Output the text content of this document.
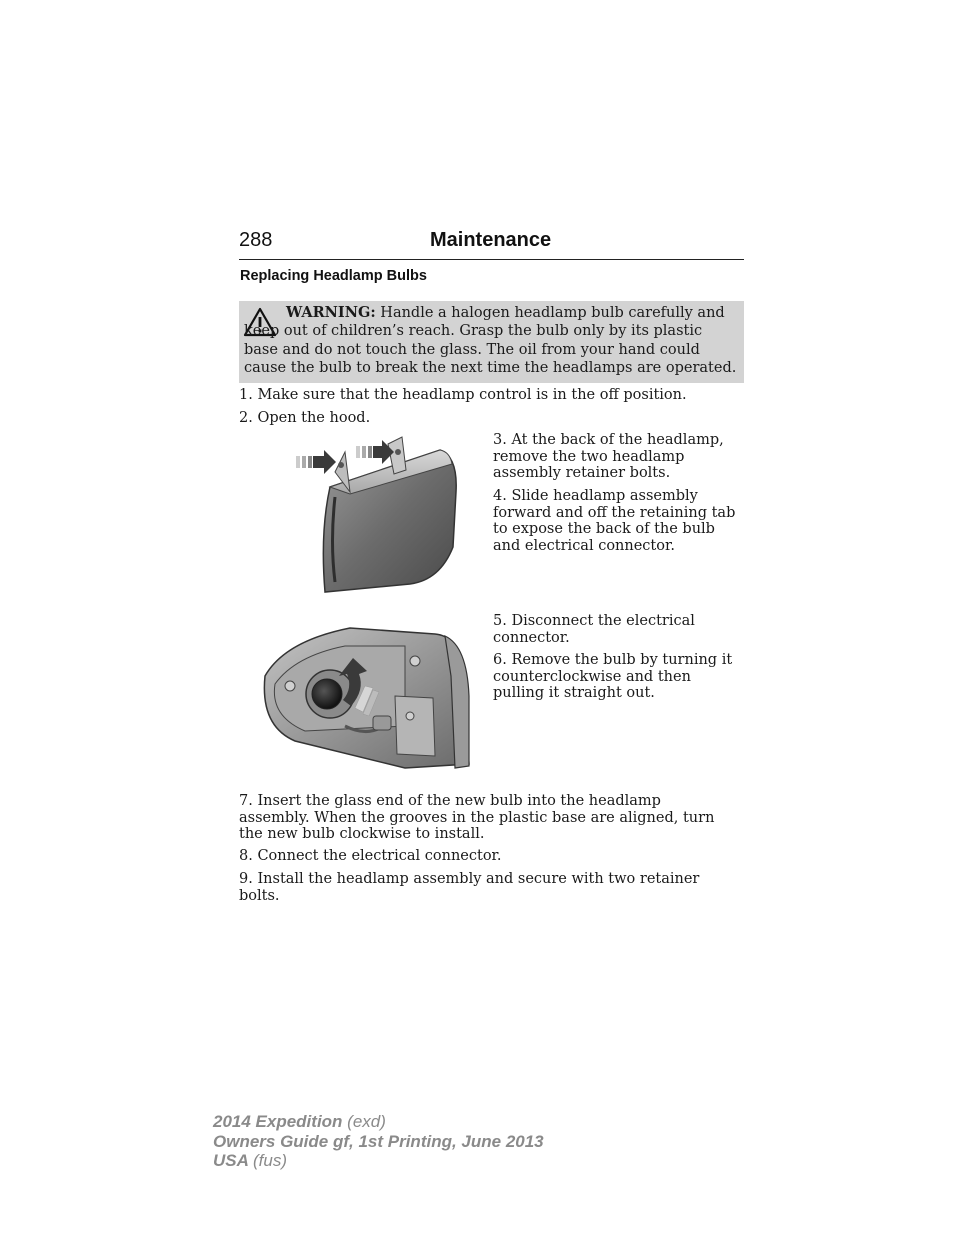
288	Maintenance
Replacing Headlamp Bulbs

WARNING: Handle a halogen headlamp bulb carefully and keep out of children’s reach. Grasp the bulb only by its plastic base and do not touch the glass. The oil from your hand could cause the bulb to break the next time the headlamps are operated.

1. Make sure that the headlamp control is in the off position.

2. Open the hood.

3. At the back of the headlamp, remove the two headlamp assembly retainer bolts.

4. Slide headlamp assembly forward and off the retaining tab to expose the back of the bulb and electrical connector.

5. Disconnect the electrical connector.

6. Remove the bulb by turning it counterclockwise and then pulling it straight out.

7. Insert the glass end of the new bulb into the headlamp assembly. When the grooves in the plastic base are aligned, turn the new bulb clockwise to install.

8. Connect the electrical connector.

9. Install the headlamp assembly and secure with two retainer bolts.

2014 Expedition (exd)
Owners Guide gf, 1st Printing, June 2013
USA (fus)
